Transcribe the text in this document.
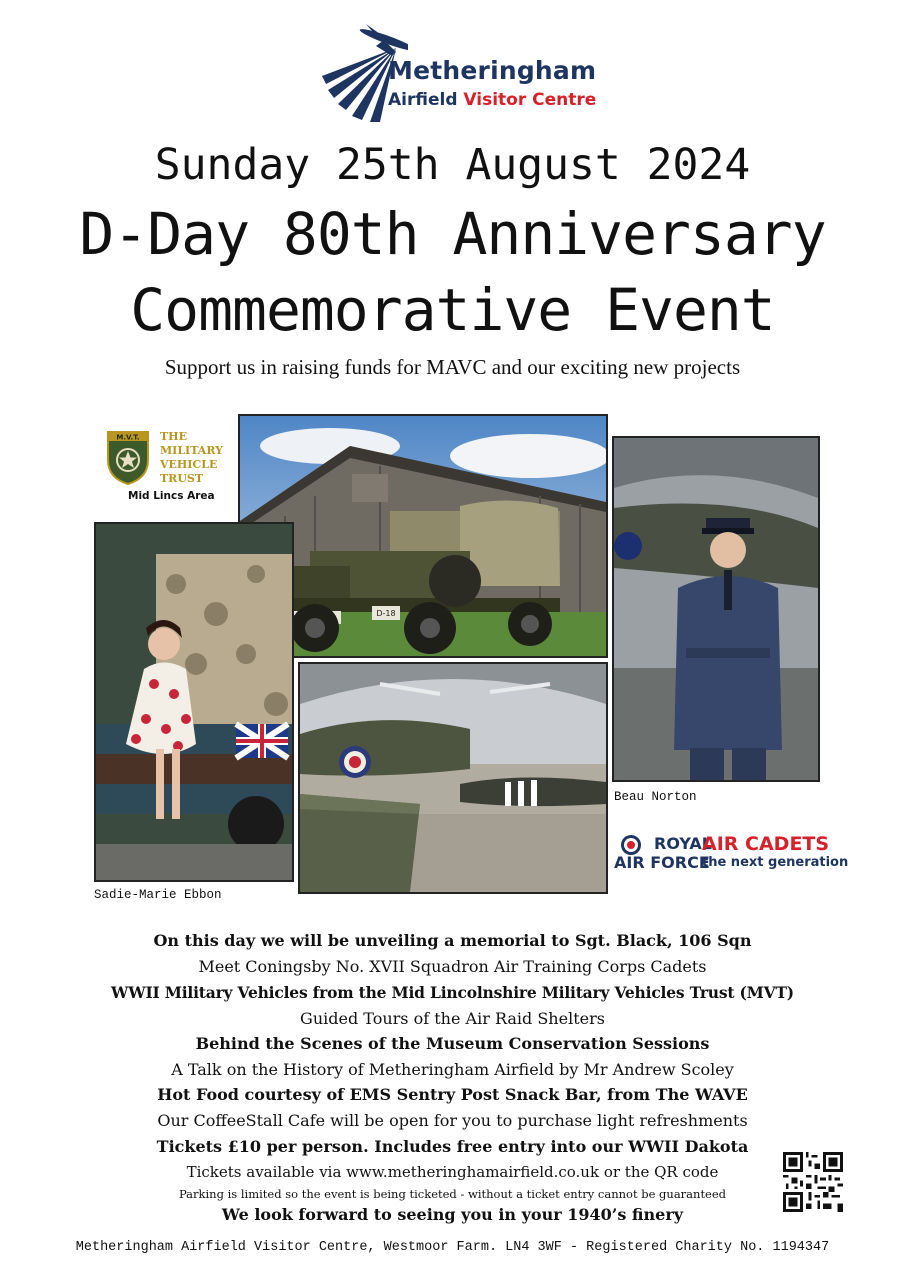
Metheringham
Airfield Visitor Centre
Sunday 25th August 2024
D-Day 80th Anniversary
Commemorative Event
Support us in raising funds for MAVC and our exciting new projects
M.V.T. THE
MILITARY
VEHICLE
TRUST
Mid Lincs Area
D-18
Sadie-Marie Ebbon
Beau Norton
ROYAL
AIR FORCE
AIR CADETS
the next generation
On this day we will be unveiling a memorial to Sgt. Black, 106 Sqn
Meet Coningsby No. XVII Squadron Air Training Corps Cadets
WWII Military Vehicles from the Mid Lincolnshire Military Vehicles Trust (MVT)
Guided Tours of the Air Raid Shelters
Behind the Scenes of the Museum Conservation Sessions
A Talk on the History of Metheringham Airfield by Mr Andrew Scoley
Hot Food courtesy of EMS Sentry Post Snack Bar, from The WAVE
Our CoffeeStall Cafe will be open for you to purchase light refreshments
Tickets £10 per person. Includes free entry into our WWII Dakota
Tickets available via www.metheringhamairfield.co.uk or the QR code
Parking is limited so the event is being ticketed - without a ticket entry cannot be guaranteed
We look forward to seeing you in your 1940’s finery
Metheringham Airfield Visitor Centre, Westmoor Farm. LN4 3WF - Registered Charity No. 1194347
